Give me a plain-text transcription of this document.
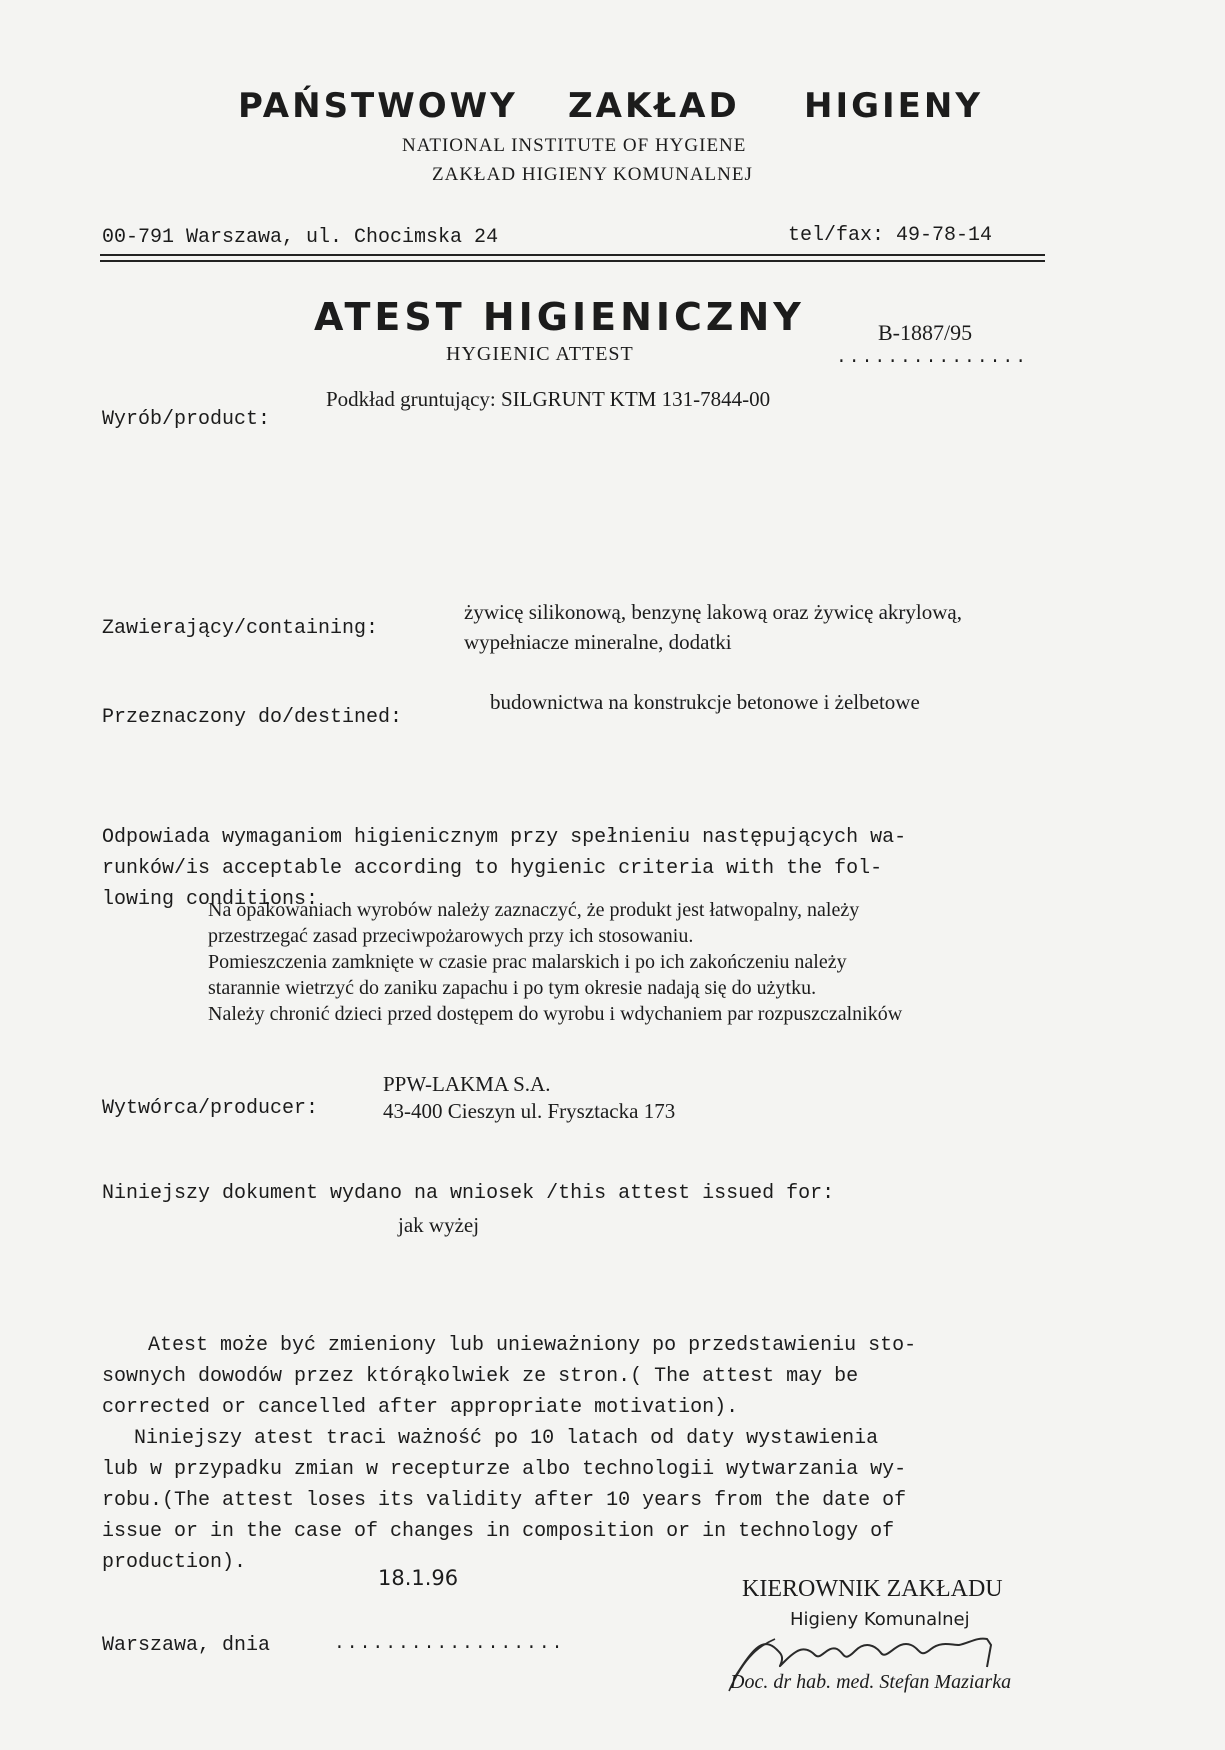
PAŃSTWOWY ZAKŁAD HIGIENY
NATIONAL INSTITUTE OF HYGIENE
ZAKŁAD HIGIENY KOMUNALNEJ
00-791 Warszawa, ul. Chocimska 24	tel/fax: 49-78-14
ATEST HIGIENICZNY
HYGIENIC ATTEST
B-1887/95
...............
Wyrób/product:
Podkład gruntujący: SILGRUNT KTM 131-7844-00
Zawierający/containing:
żywicę silikonową, benzynę lakową oraz żywicę akrylową,
wypełniacze mineralne, dodatki
Przeznaczony do/destined:
budownictwa na konstrukcje betonowe i żelbetowe
Odpowiada wymaganiom higienicznym przy spełnieniu następujących wa-
runków/is acceptable according to hygienic criteria with the fol-
lowing conditions:
Na opakowaniach wyrobów należy zaznaczyć, że produkt jest łatwopalny, należy
przestrzegać zasad przeciwpożarowych przy ich stosowaniu.
Pomieszczenia zamknięte w czasie prac malarskich i po ich zakończeniu należy
starannie wietrzyć do zaniku zapachu i po tym okresie nadają się do użytku.
Należy chronić dzieci przed dostępem do wyrobu i wdychaniem par rozpuszczalników
Wytwórca/producer:
PPW-LAKMA S.A.
43-400 Cieszyn ul. Frysztacka 173
Niniejszy dokument wydano na wniosek /this attest issued for:
jak wyżej
Atest może być zmieniony lub unieważniony po przedstawieniu sto-
sownych dowodów przez którąkolwiek ze stron.( The attest may be
corrected or cancelled after appropriate motivation).
Niniejszy atest traci ważność po 10 latach od daty wystawienia
lub w przypadku zmian w recepturze albo technologii wytwarzania wy-
robu.(The attest loses its validity after 10 years from the date of
issue or in the case of changes in composition or in technology of
production).
18.1.96
Warszawa, dnia	..................
KIEROWNIK ZAKŁADU
Higieny Komunalnej
Doc. dr hab. med. Stefan Maziarka
